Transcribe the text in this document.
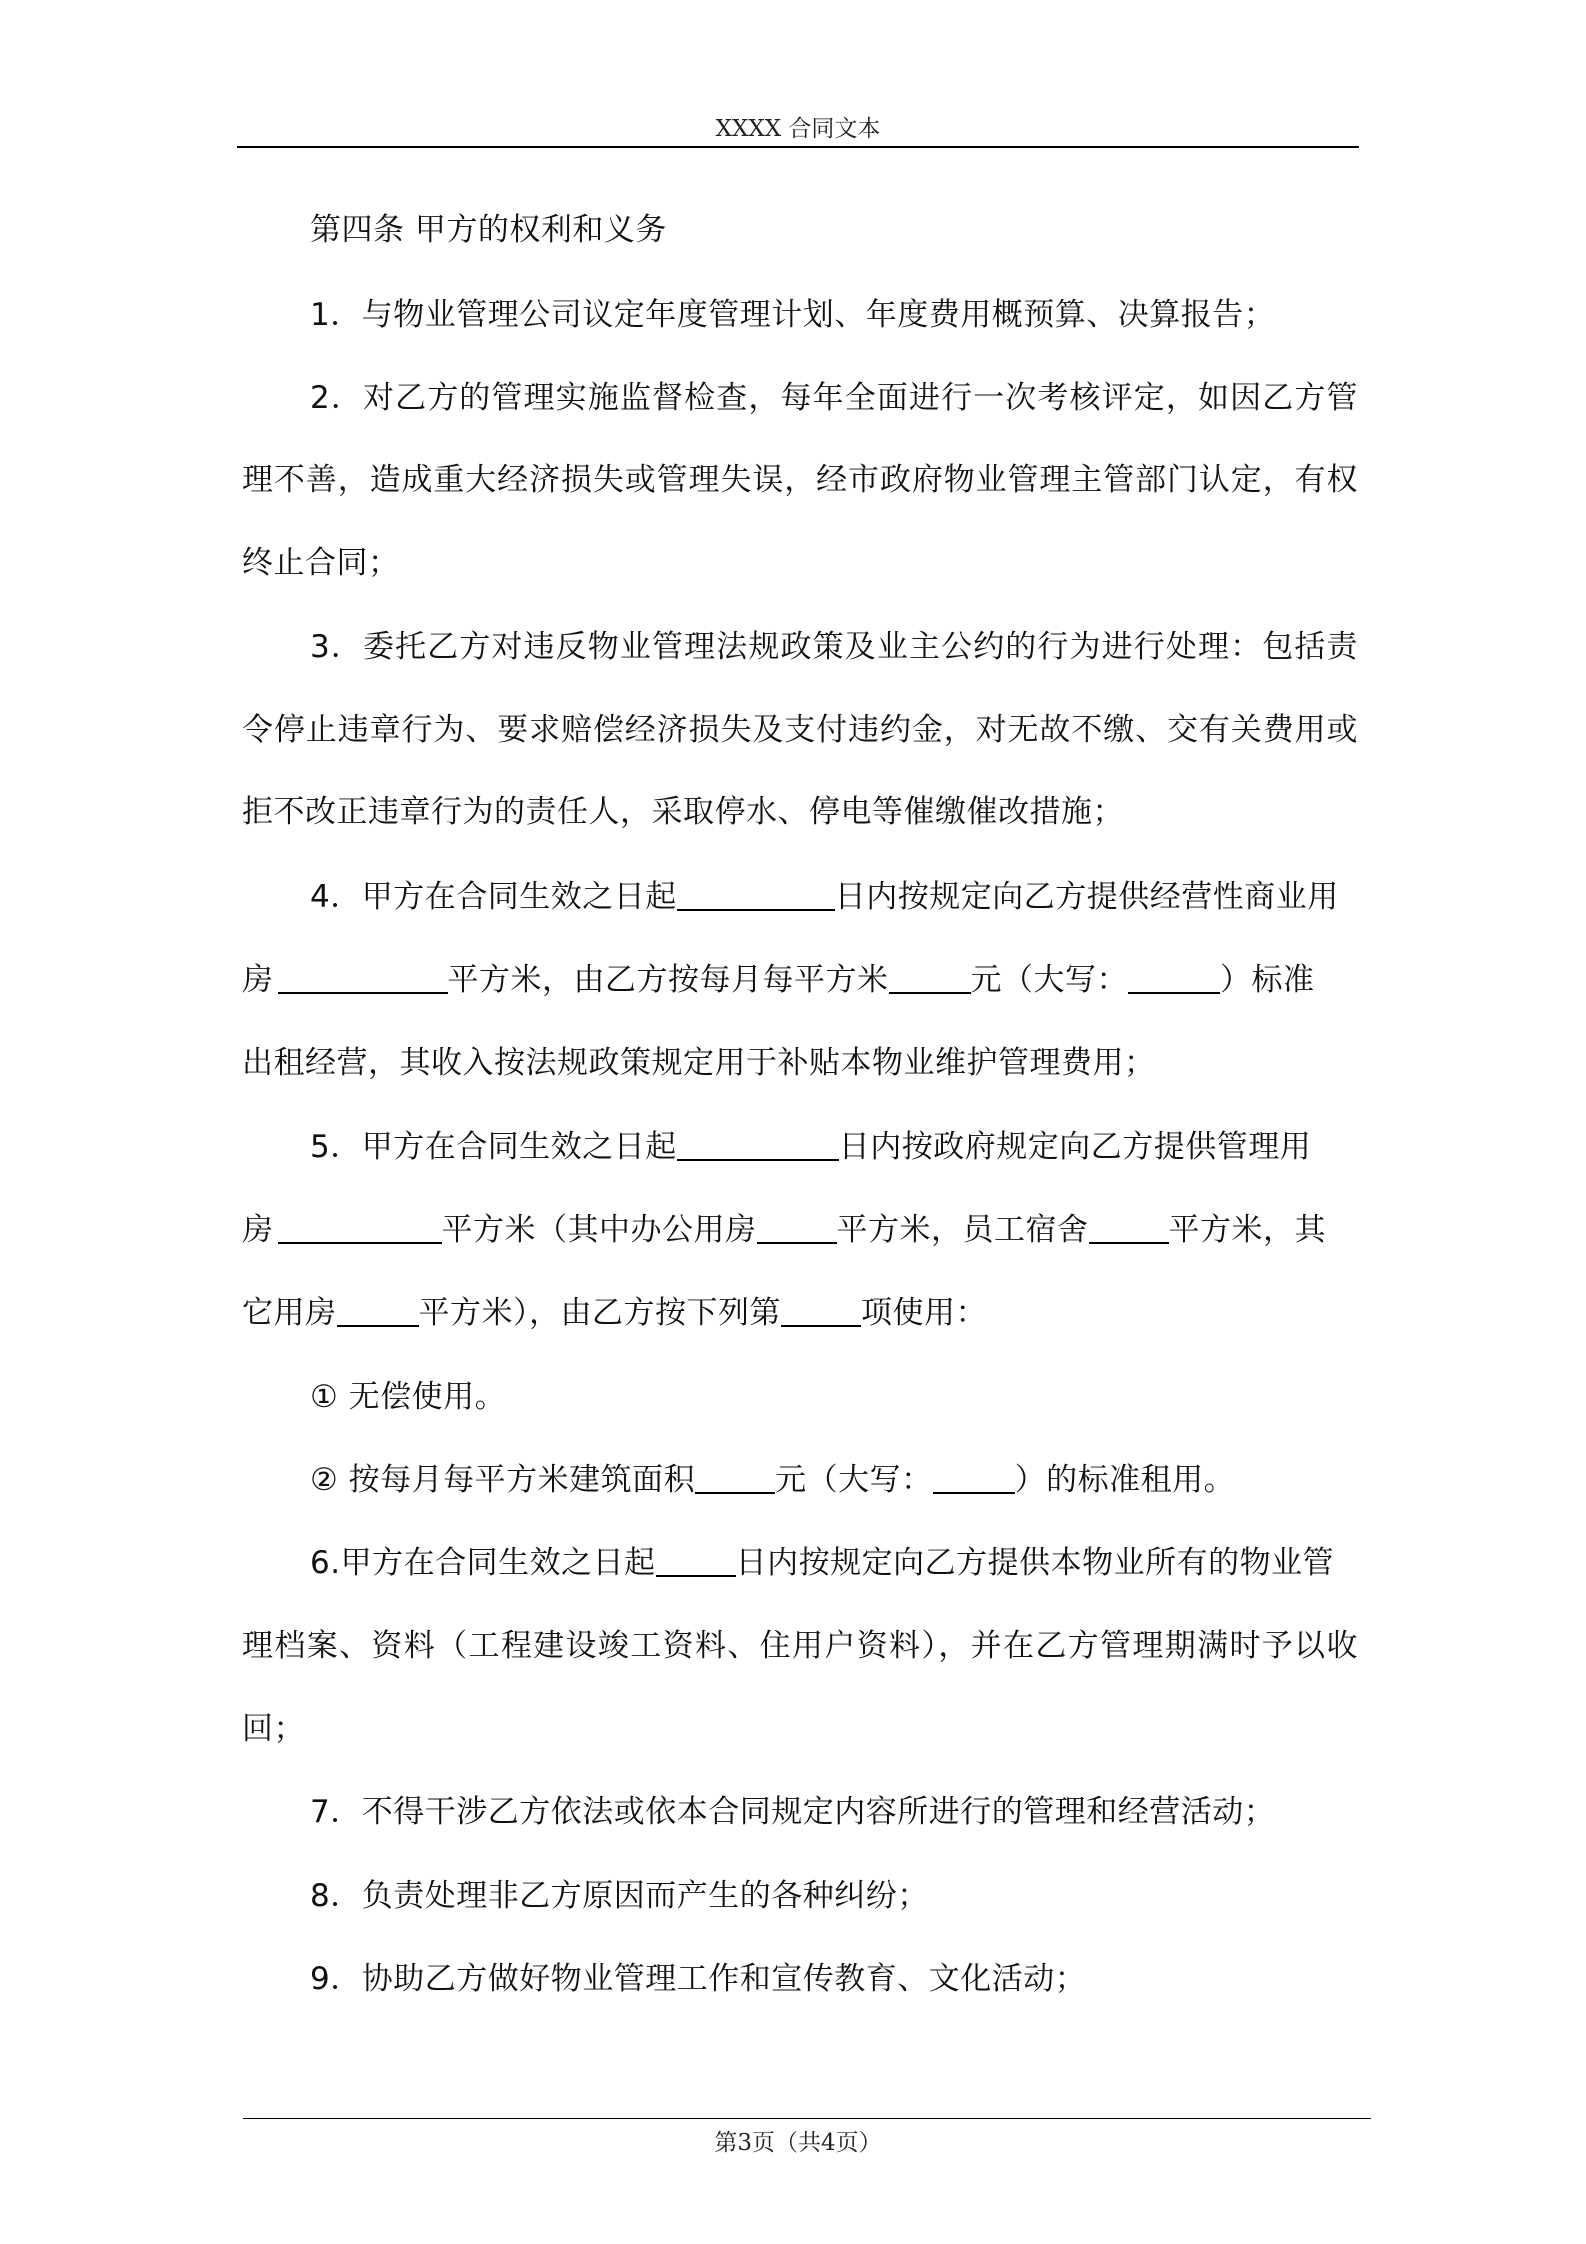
XXXX 合同文本
第四条 甲方的权利和义务
1．与物业管理公司议定年度管理计划、年度费用概预算、决算报告；
2．对乙方的管理实施监督检查，每年全面进行一次考核评定，如因乙方管
理不善，造成重大经济损失或管理失误，经市政府物业管理主管部门认定，有权
终止合同；
3．委托乙方对违反物业管理法规政策及业主公约的行为进行处理：包括责
令停止违章行为、要求赔偿经济损失及支付违约金，对无故不缴、交有关费用或
拒不改正违章行为的责任人，采取停水、停电等催缴催改措施；
4．甲方在合同生效之日起	日内按规定向乙方提供经营性商业用
房	平方米，由乙方按每月每平方米	元（大写：	）标准
出租经营，其收入按法规政策规定用于补贴本物业维护管理费用；
5．甲方在合同生效之日起	日内按政府规定向乙方提供管理用
房	平方米（其中办公用房	平方米，员工宿舍	平方米，其
它用房	平方米），由乙方按下列第	项使用：
① 无偿使用。
② 按每月每平方米建筑面积	元（大写：	）的标准租用。
6.甲方在合同生效之日起	日内按规定向乙方提供本物业所有的物业管
理档案、资料（工程建设竣工资料、住用户资料），并在乙方管理期满时予以收
回；
7．不得干涉乙方依法或依本合同规定内容所进行的管理和经营活动；
8．负责处理非乙方原因而产生的各种纠纷；
9．协助乙方做好物业管理工作和宣传教育、文化活动；
第3页（共4页）
